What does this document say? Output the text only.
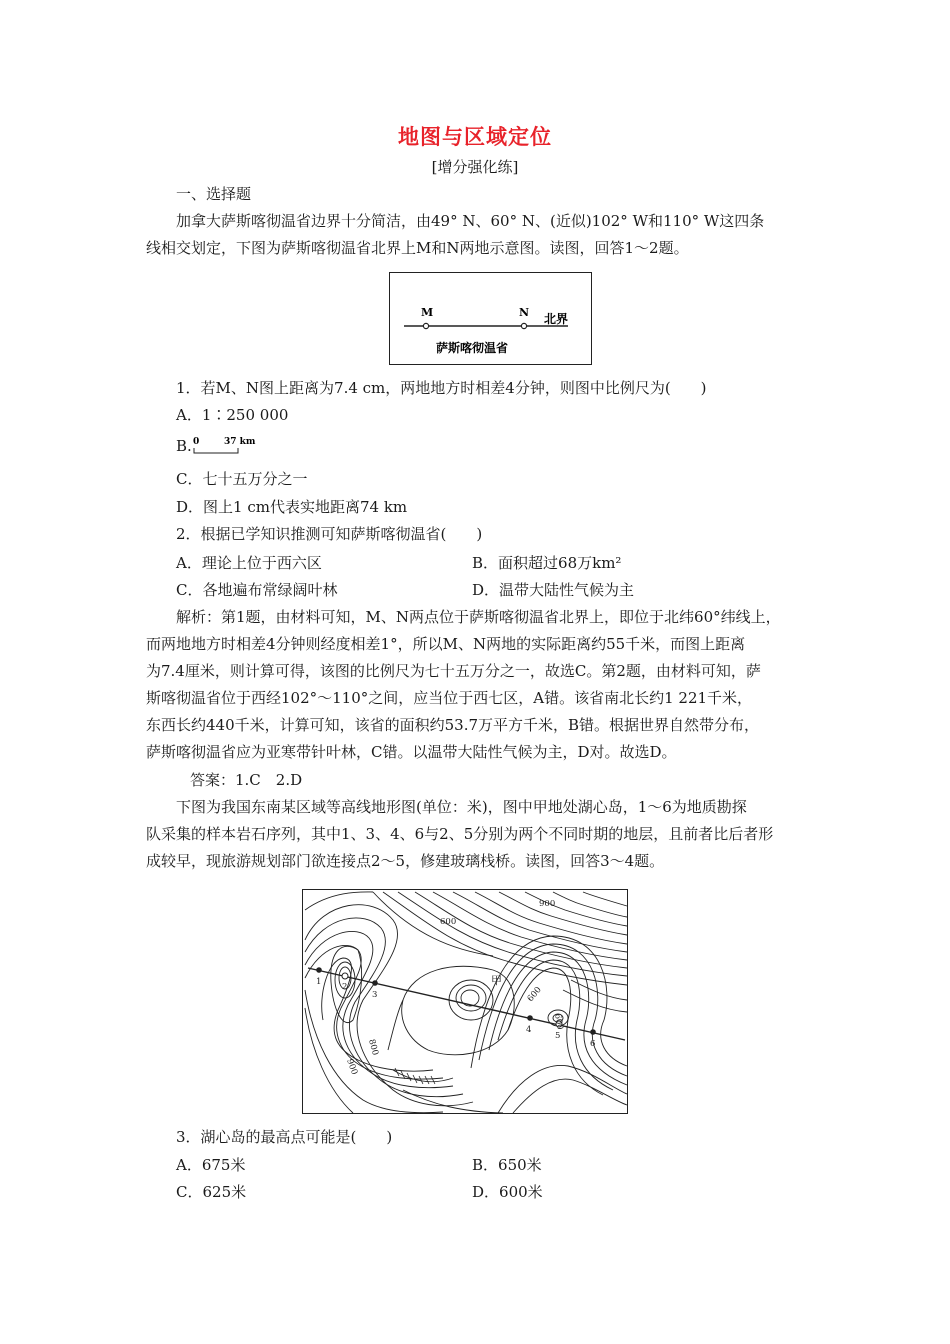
地图与区域定位
[增分强化练]
一、选择题
加拿大萨斯喀彻温省边界十分简洁，由49° N、60° N、(近似)102° W和110° W这四条
线相交划定，下图为萨斯喀彻温省北界上M和N两地示意图。读图，回答1～2题。
M	N 北界
萨斯喀彻温省
1．若M、N图上距离为7.4 cm，两地地方时相差4分钟，则图中比例尺为(　　)
A．1∶250 000
B. 0	37 km
C．七十五万分之一
D．图上1 cm代表实地距离74 km
2．根据已学知识推测可知萨斯喀彻温省(　　)
A．理论上位于西六区	B．面积超过68万km²
C．各地遍布常绿阔叶林	D．温带大陆性气候为主
解析：第1题，由材料可知，M、N两点位于萨斯喀彻温省北界上，即位于北纬60°纬线上，
而两地地方时相差4分钟则经度相差1°，所以M、N两地的实际距离约55千米，而图上距离
为7.4厘米，则计算可得，该图的比例尺为七十五万分之一，故选C。第2题，由材料可知，萨
斯喀彻温省位于西经102°～110°之间，应当位于西七区，A错。该省南北长约1 221千米，
东西长约440千米，计算可知，该省的面积约53.7万平方千米，B错。根据世界自然带分布，
萨斯喀彻温省应为亚寒带针叶林，C错。以温带大陆性气候为主，D对。故选D。
答案：1.C　2.D
下图为我国东南某区域等高线地形图(单位：米)，图中甲地处湖心岛，1～6为地质勘探
队采集的样本岩石序列，其中1、3、4、6与2、5分别为两个不同时期的地层，且前者比后者形
成较早，现旅游规划部门欲连接点2～5，修建玻璃栈桥。读图，回答3～4题。
900
600
甲
600
800
900
600
1 2
3
4
5
6
3．湖心岛的最高点可能是(　　)
A．675米	B．650米
C．625米	D．600米
